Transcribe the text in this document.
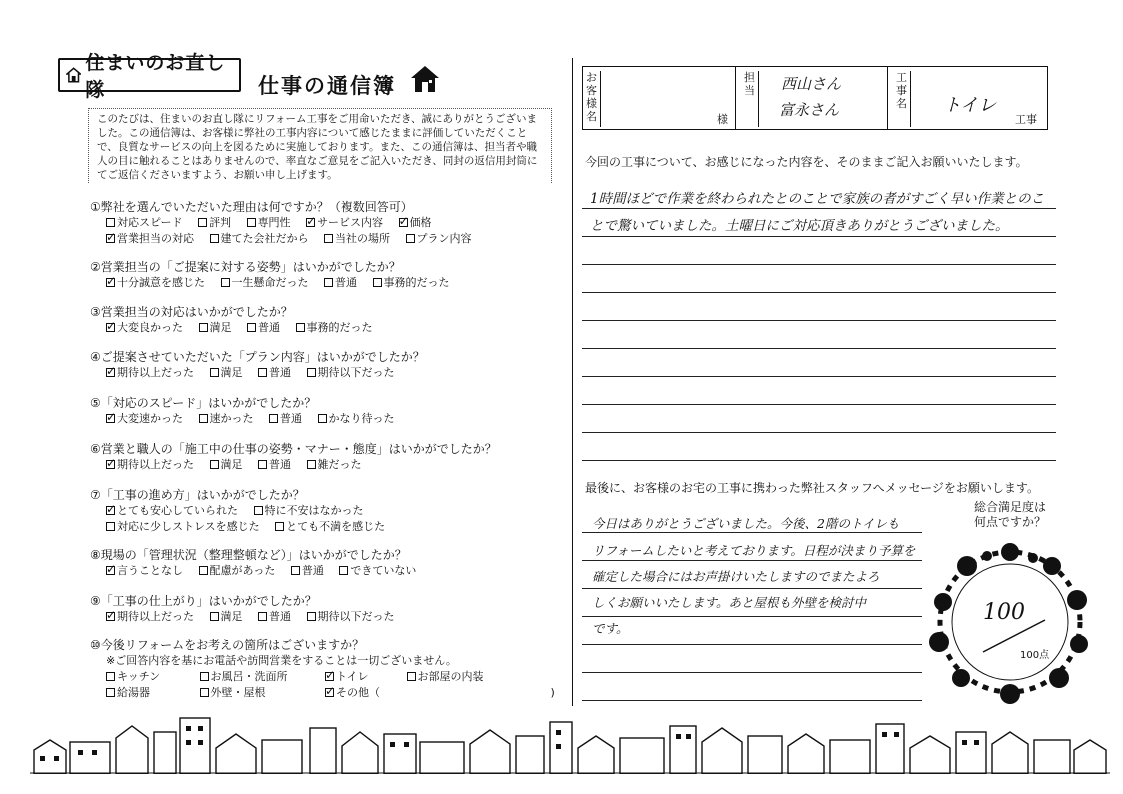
住まいのお直し隊	仕事の通信簿
このたびは、住まいのお直し隊にリフォーム工事をご用命いただき、誠にありがとうございました。この通信簿は、お客様に弊社の工事内容について感じたままに評価していただくことで、良質なサービスの向上を図るために実施しております。また、この通信簿は、担当者や職人の目に触れることはありませんので、率直なご意見をご記入いただき、同封の返信用封筒にてご返信くださいますよう、お願い申し上げます。
①弊社を選んでいただいた理由は何ですか？（複数回答可）
対応スピード 評判 専門性 ✓ サービス内容 ✓ 価格
✓営業担当の対応 建てた会社だから 当社の場所 プラン内容
②営業担当の「ご提案に対する姿勢」はいかがでしたか？
✓十分誠意を感じた 一生懸命だった 普通 事務的だった
③営業担当の対応はいかがでしたか？
✓大変良かった 満足 普通 事務的だった
④ご提案させていただいた「プラン内容」はいかがでしたか？
✓期待以上だった 満足 普通 期待以下だった
⑤「対応のスピード」はいかがでしたか？
✓大変速かった 速かった 普通 かなり待った
⑥営業と職人の「施工中の仕事の姿勢・マナー・態度」はいかがでしたか？
✓期待以上だった 満足 普通 雑だった
⑦「工事の進め方」はいかがでしたか？
✓とても安心していられた 特に不安はなかった
対応に少しストレスを感じた とても不満を感じた
⑧現場の「管理状況（整理整頓など）」はいかがでしたか？
✓言うことなし 配慮があった 普通 できていない
⑨「工事の仕上がり」はいかがでしたか？
✓期待以上だった 満足 普通 期待以下だった
⑩今後リフォームをお考えの箇所はございますか？
※ご回答内容を基にお電話や訪問営業をすることは一切ございません。
キッチン	お風呂・洗面所 ✓	トイレ	お部屋の内装
給湯器	外壁・屋根 ✓	その他（	)
お客様名	様
担当 西山さん
富永さん
工事名 トイレ
工事
今回の工事について、お感じになった内容を、そのままご記入お願いいたします。
1時間ほどで作業を終わられたとのことで家族の者がすごく早い作業とのことで驚いていました。土曜日にご対応頂きありがとうございました。
最後に、お客様のお宅の工事に携わった弊社スタッフへメッセージをお願いします。
今日はありがとうございました。今後、2階のトイレも
リフォームしたいと考えております。日程が決まり予算を
確定した場合にはお声掛けいたしますのでまたよろ
しくお願いいたします。あと屋根も外壁を検討中
です。
総合満足度は
何点ですか？
100
100点
